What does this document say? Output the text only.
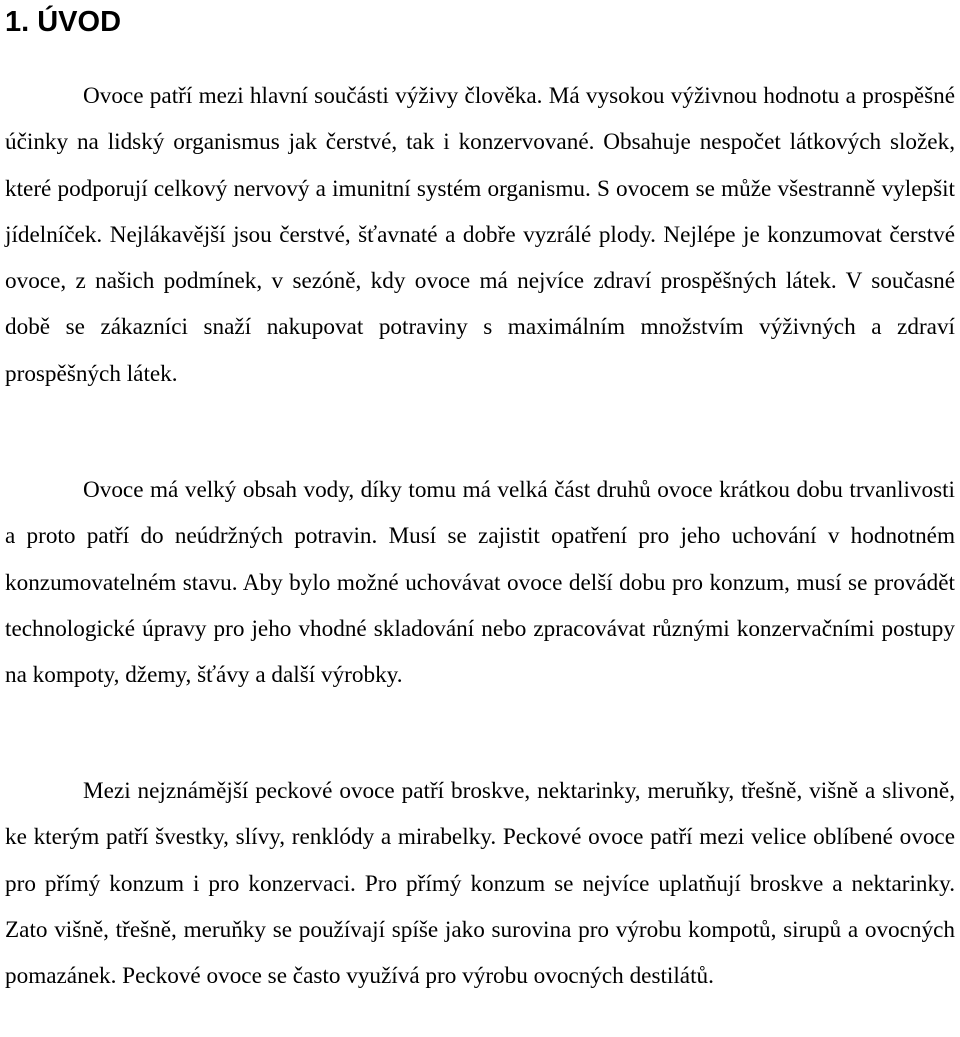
1. ÚVOD

Ovoce patří mezi hlavní součásti výživy člověka. Má vysokou výživnou hodnotu a prospěšné účinky na lidský organismus jak čerstvé, tak i konzervované. Obsahuje nespočet látkových složek, které podporují celkový nervový a imunitní systém organismu. S ovocem se může všestranně vylepšit jídelníček. Nejlákavější jsou čerstvé, šťavnaté a dobře vyzrálé plody. Nejlépe je konzumovat čerstvé ovoce, z našich podmínek, v sezóně, kdy ovoce má nejvíce zdraví prospěšných látek. V současné době se zákazníci snaží nakupovat potraviny s maximálním množstvím výživných a zdraví prospěšných látek.

Ovoce má velký obsah vody, díky tomu má velká část druhů ovoce krátkou dobu trvanlivosti a proto patří do neúdržných potravin. Musí se zajistit opatření pro jeho uchování v hodnotném konzumovatelném stavu. Aby bylo možné uchovávat ovoce delší dobu pro konzum, musí se provádět technologické úpravy pro jeho vhodné skladování nebo zpracovávat různými konzervačními postupy na kompoty, džemy, šťávy a další výrobky.

Mezi nejznámější peckové ovoce patří broskve, nektarinky, meruňky, třešně, višně a slivoně, ke kterým patří švestky, slívy, renklódy a mirabelky. Peckové ovoce patří mezi velice oblíbené ovoce pro přímý konzum i pro konzervaci. Pro přímý konzum se nejvíce uplatňují broskve a nektarinky. Zato višně, třešně, meruňky se používají spíše jako surovina pro výrobu kompotů, sirupů a ovocných pomazánek. Peckové ovoce se často využívá pro výrobu ovocných destilátů.
